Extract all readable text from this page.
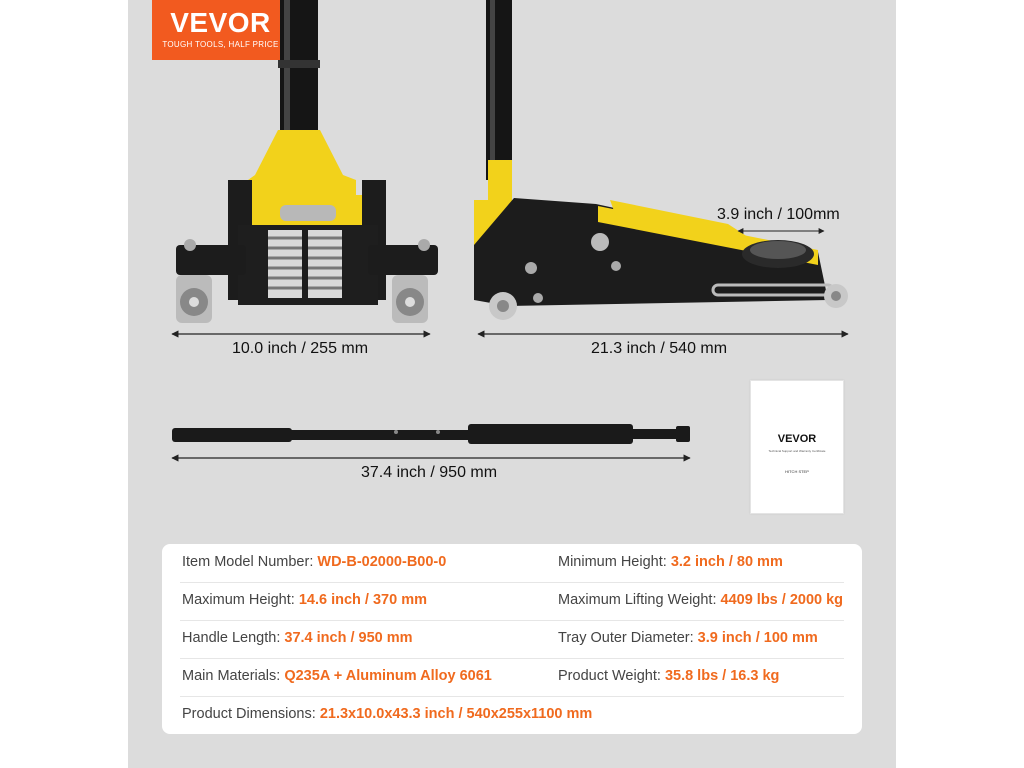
VEVOR
TOUGH TOOLS, HALF PRICE
10.0 inch / 255 mm	21.3 inch / 540 mm
3.9 inch / 100mm
37.4 inch / 950 mm
VEVOR
Technical Support and Warranty Certificate
HITCH STEP
Item Model Number: WD-B-02000-B00-0	Minimum Height: 3.2 inch / 80 mm
Maximum Height: 14.6 inch / 370 mm	Maximum Lifting Weight: 4409 lbs / 2000 kg
Handle Length: 37.4 inch / 950 mm	Tray Outer Diameter: 3.9 inch / 100 mm
Main Materials: Q235A + Aluminum Alloy 6061	Product Weight: 35.8 lbs / 16.3 kg
Product Dimensions: 21.3x10.0x43.3 inch / 540x255x1100 mm
